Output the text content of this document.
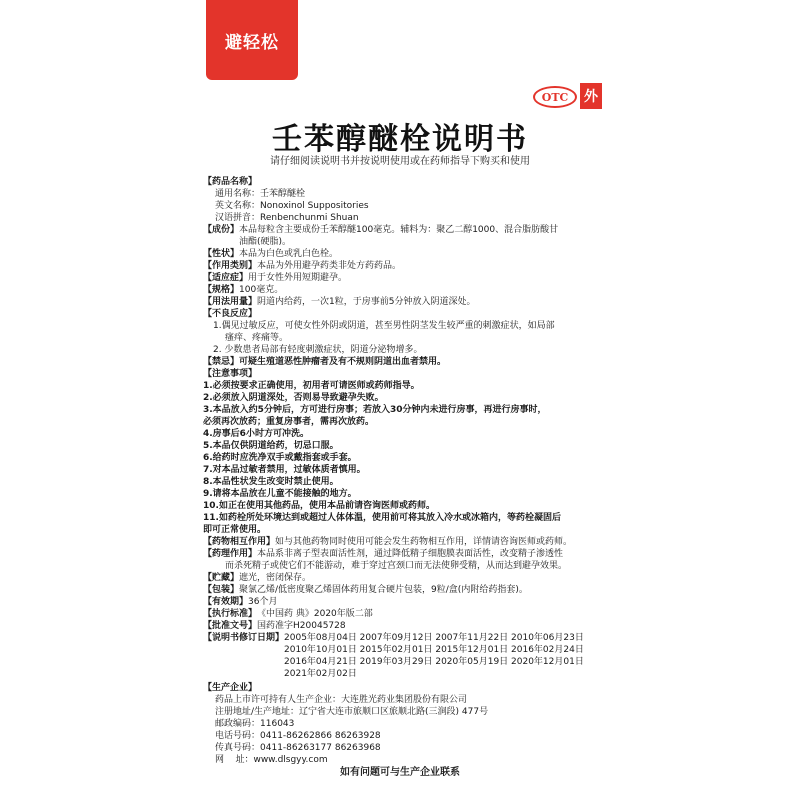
避轻松
OTC	外
壬苯醇醚栓说明书
请仔细阅读说明书并按说明使用或在药师指导下购买和使用
【药品名称】
通用名称： 壬苯醇醚栓
英文名称： Nonoxinol Suppositories
汉语拼音： Renbenchunmi Shuan
【成份】 本品每粒含主要成份壬苯醇醚100毫克。辅料为：聚乙二醇1000、混合脂肪酸甘
油酯(硬脂)。
【性状】 本品为白色或乳白色栓。
【作用类别】 本品为外用避孕药类非处方药药品。
【适应症】 用于女性外用短期避孕。
【规格】 100毫克。
【用法用量】 阴道内给药，一次1粒，于房事前5分钟放入阴道深处。
【不良反应】
1.偶见过敏反应，可使女性外阴或阴道，甚至男性阴茎发生较严重的刺激症状，如局部
瘙痒、疼痛等。
2. 少数患者局部有轻度刺激症状，阴道分泌物增多。
【禁忌】 可疑生殖道恶性肿瘤者及有不规则阴道出血者禁用。
【注意事项】
1.必须按要求正确使用，初用者可请医师或药师指导。
2.必须放入阴道深处，否则易导致避孕失败。
3.本品放入约5分钟后，方可进行房事；若放入30分钟内未进行房事，再进行房事时，
必须再次放药；重复房事者，需再次放药。
4.房事后6小时方可冲洗。
5.本品仅供阴道给药，切忌口服。
6.给药时应洗净双手或戴指套或手套。
7.对本品过敏者禁用，过敏体质者慎用。
8.本品性状发生改变时禁止使用。
9.请将本品放在儿童不能接触的地方。
10.如正在使用其他药品，使用本品前请咨询医师或药师。
11.如药栓所处环境达到或超过人体体温，使用前可将其放入冷水或冰箱内，等药栓凝固后
即可正常使用。
【药物相互作用】 如与其他药物同时使用可能会发生药物相互作用，详情请咨询医师或药师。
【药理作用】 本品系非离子型表面活性剂，通过降低精子细胞膜表面活性，改变精子渗透性
而杀死精子或使它们不能游动，难于穿过宫颈口而无法使卵受精，从而达到避孕效果。
【贮藏】 遮光，密闭保存。
【包装】 聚氯乙烯/低密度聚乙烯固体药用复合硬片包装，9粒/盒(内附给药指套)。
【有效期】 36个月
【执行标准】 《中国药 典》2020年版二部
【批准文号】 国药准字H20045728
【说明书修订日期】 2005年08月04日 2007年09月12日 2007年11月22日 2010年06月23日
2010年10月01日 2015年02月01日 2015年12月01日 2016年02月24日
2016年04月21日 2019年03月29日 2020年05月19日 2020年12月01日
2021年02月02日
【生产企业】
药品上市许可持有人生产企业：大连胜光药业集团股份有限公司
注册地址/生产地址： 辽宁省大连市旅顺口区旅顺北路(三涧段) 477号
邮政编码： 116043
电话号码： 0411-86262866 86263928
传真号码： 0411-86263177 86263968
网    址： www.dlsgyy.com
如有问题可与生产企业联系
